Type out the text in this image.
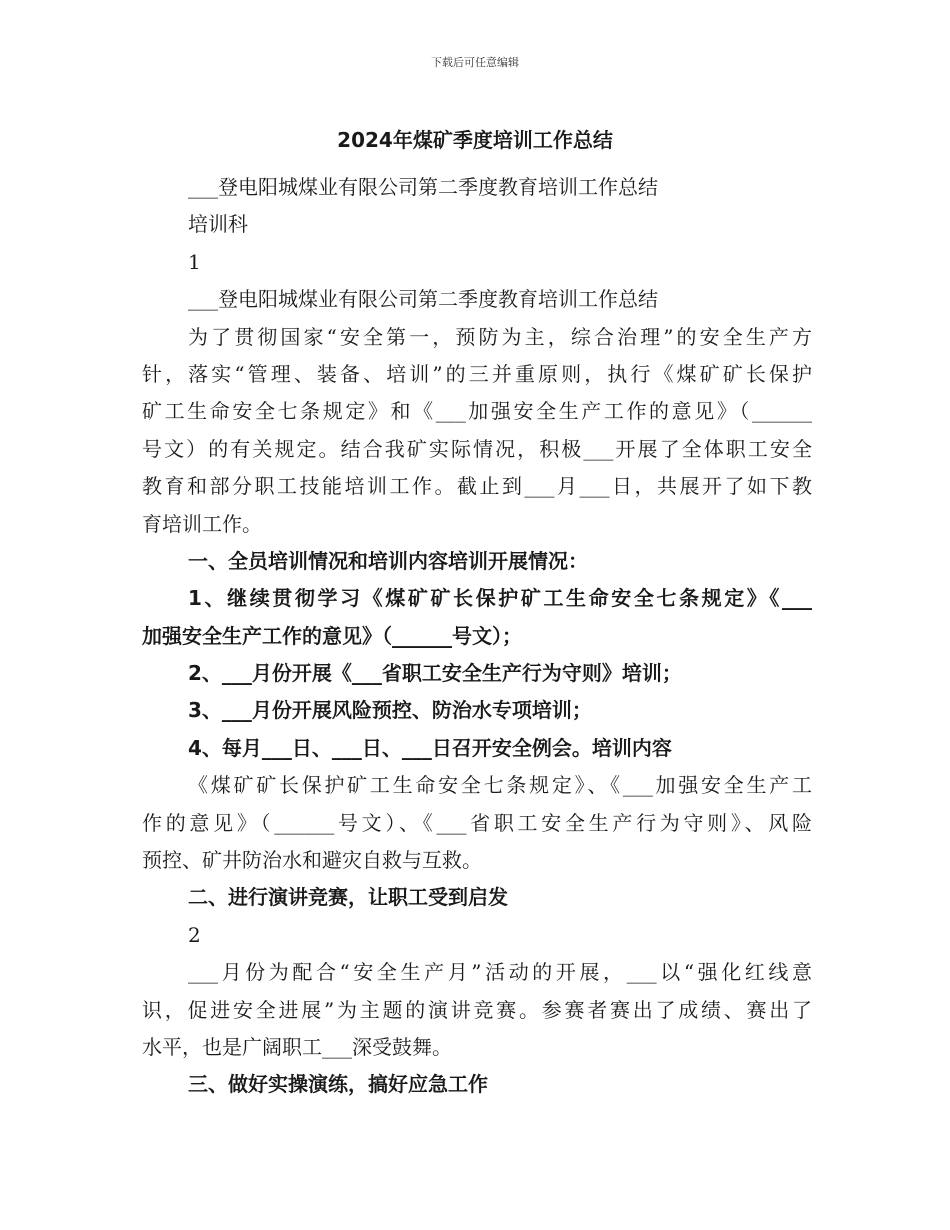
下载后可任意编辑
2024年煤矿季度培训工作总结
___登电阳城煤业有限公司第二季度教育培训工作总结
培训科
1
___登电阳城煤业有限公司第二季度教育培训工作总结
为了贯彻国家“安全第一，预防为主，综合治理”的安全生产方
针，落实“管理、装备、培训”的三并重原则，执行《煤矿矿长保护
矿工生命安全七条规定》和《___加强安全生产工作的意见》（______
号文）的有关规定。结合我矿实际情况，积极___开展了全体职工安全
教育和部分职工技能培训工作。截止到___月___日，共展开了如下教
育培训工作。
一、全员培训情况和培训内容培训开展情况：
1、继续贯彻学习《煤矿矿长保护矿工生命安全七条规定》《___
加强安全生产工作的意见》（______号文）；
2、___月份开展《___省职工安全生产行为守则》培训；
3、___月份开展风险预控、防治水专项培训；
4、每月___日、___日、___日召开安全例会。培训内容
《煤矿矿长保护矿工生命安全七条规定》、《___加强安全生产工
作的意见》（______号文）、《___省职工安全生产行为守则》、风险
预控、矿井防治水和避灾自救与互救。
二、进行演讲竞赛，让职工受到启发
2
___月份为配合“安全生产月”活动的开展，___以“强化红线意
识，促进安全进展”为主题的演讲竞赛。参赛者赛出了成绩、赛出了
水平，也是广阔职工___深受鼓舞。
三、做好实操演练，搞好应急工作
